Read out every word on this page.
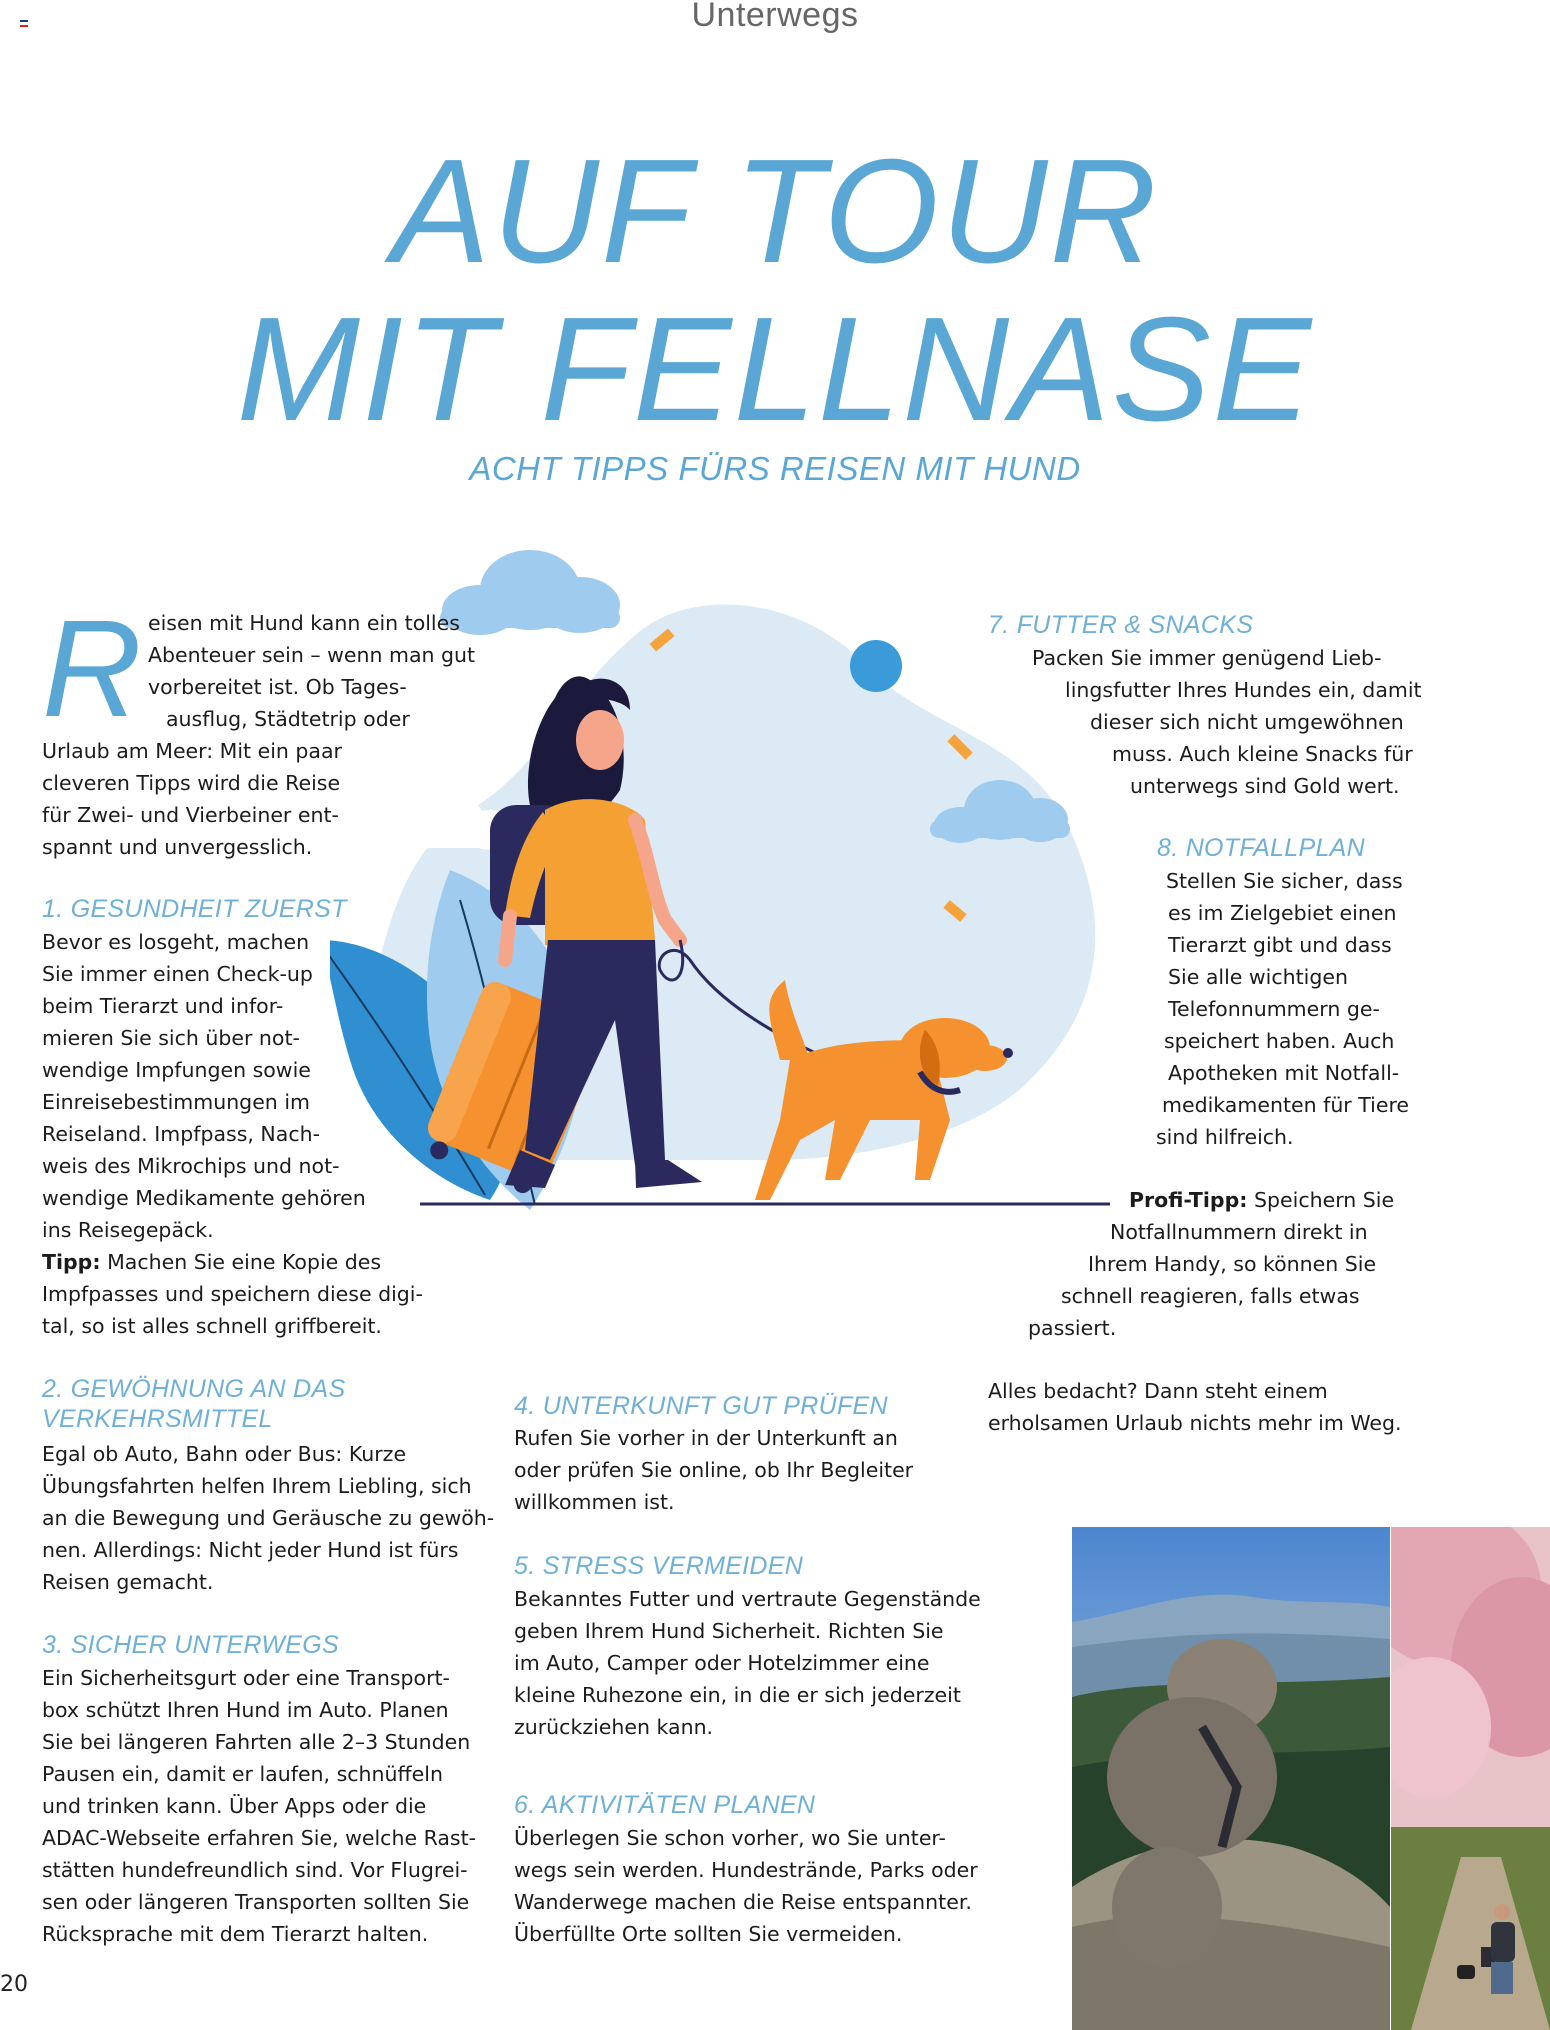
Unterwegs
AUF TOUR
MIT FELLNASE
ACHT TIPPS FÜRS REISEN MIT HUND
R eisen mit Hund kann ein tolles

Abenteuer sein – wenn man gut

vorbereitet ist. Ob Tages-

ausflug, Städtetrip oder

Urlaub am Meer: Mit ein paar

cleveren Tipps wird die Reise

für Zwei- und Vierbeiner ent-

spannt und unvergesslich.

1. GESUNDHEIT ZUERST

Bevor es losgeht, machen

Sie immer einen Check-up

beim Tierarzt und infor-

mieren Sie sich über not-

wendige Impfungen sowie

Einreisebestimmungen im

Reiseland. Impfpass, Nach-

weis des Mikrochips und not-

wendige Medikamente gehören

ins Reisegepäck.

Tipp: Machen Sie eine Kopie des

Impfpasses und speichern diese digi-

tal, so ist alles schnell griffbereit.

2. GEWÖHNUNG AN DAS
VERKEHRSMITTEL

Egal ob Auto, Bahn oder Bus: Kurze

Übungsfahrten helfen Ihrem Liebling, sich

an die Bewegung und Geräusche zu gewöh-

nen. Allerdings: Nicht jeder Hund ist fürs

Reisen gemacht.

3. SICHER UNTERWEGS

Ein Sicherheitsgurt oder eine Transport-

box schützt Ihren Hund im Auto. Planen

Sie bei längeren Fahrten alle 2–3 Stunden

Pausen ein, damit er laufen, schnüffeln

und trinken kann. Über Apps oder die

ADAC-Webseite erfahren Sie, welche Rast-

stätten hundefreundlich sind. Vor Flugrei-

sen oder längeren Transporten sollten Sie

Rücksprache mit dem Tierarzt halten.

4. UNTERKUNFT GUT PRÜFEN

Rufen Sie vorher in der Unterkunft an

oder prüfen Sie online, ob Ihr Begleiter

willkommen ist.

5. STRESS VERMEIDEN

Bekanntes Futter und vertraute Gegenstände

geben Ihrem Hund Sicherheit. Richten Sie

im Auto, Camper oder Hotelzimmer eine

kleine Ruhezone ein, in die er sich jederzeit

zurückziehen kann.

6. AKTIVITÄTEN PLANEN

Überlegen Sie schon vorher, wo Sie unter-

wegs sein werden. Hundestrände, Parks oder

Wanderwege machen die Reise entspannter.

Überfüllte Orte sollten Sie vermeiden.

7. FUTTER & SNACKS

Packen Sie immer genügend Lieb-

lingsfutter Ihres Hundes ein, damit

dieser sich nicht umgewöhnen

muss. Auch kleine Snacks für

unterwegs sind Gold wert.

8. NOTFALLPLAN

Stellen Sie sicher, dass

es im Zielgebiet einen

Tierarzt gibt und dass

Sie alle wichtigen

Telefonnummern ge-

speichert haben. Auch

Apotheken mit Notfall-

medikamenten für Tiere

sind hilfreich.

Profi-Tipp: Speichern Sie

Notfallnummern direkt in

Ihrem Handy, so können Sie

schnell reagieren, falls etwas

passiert.

Alles bedacht? Dann steht einem

erholsamen Urlaub nichts mehr im Weg.

20
